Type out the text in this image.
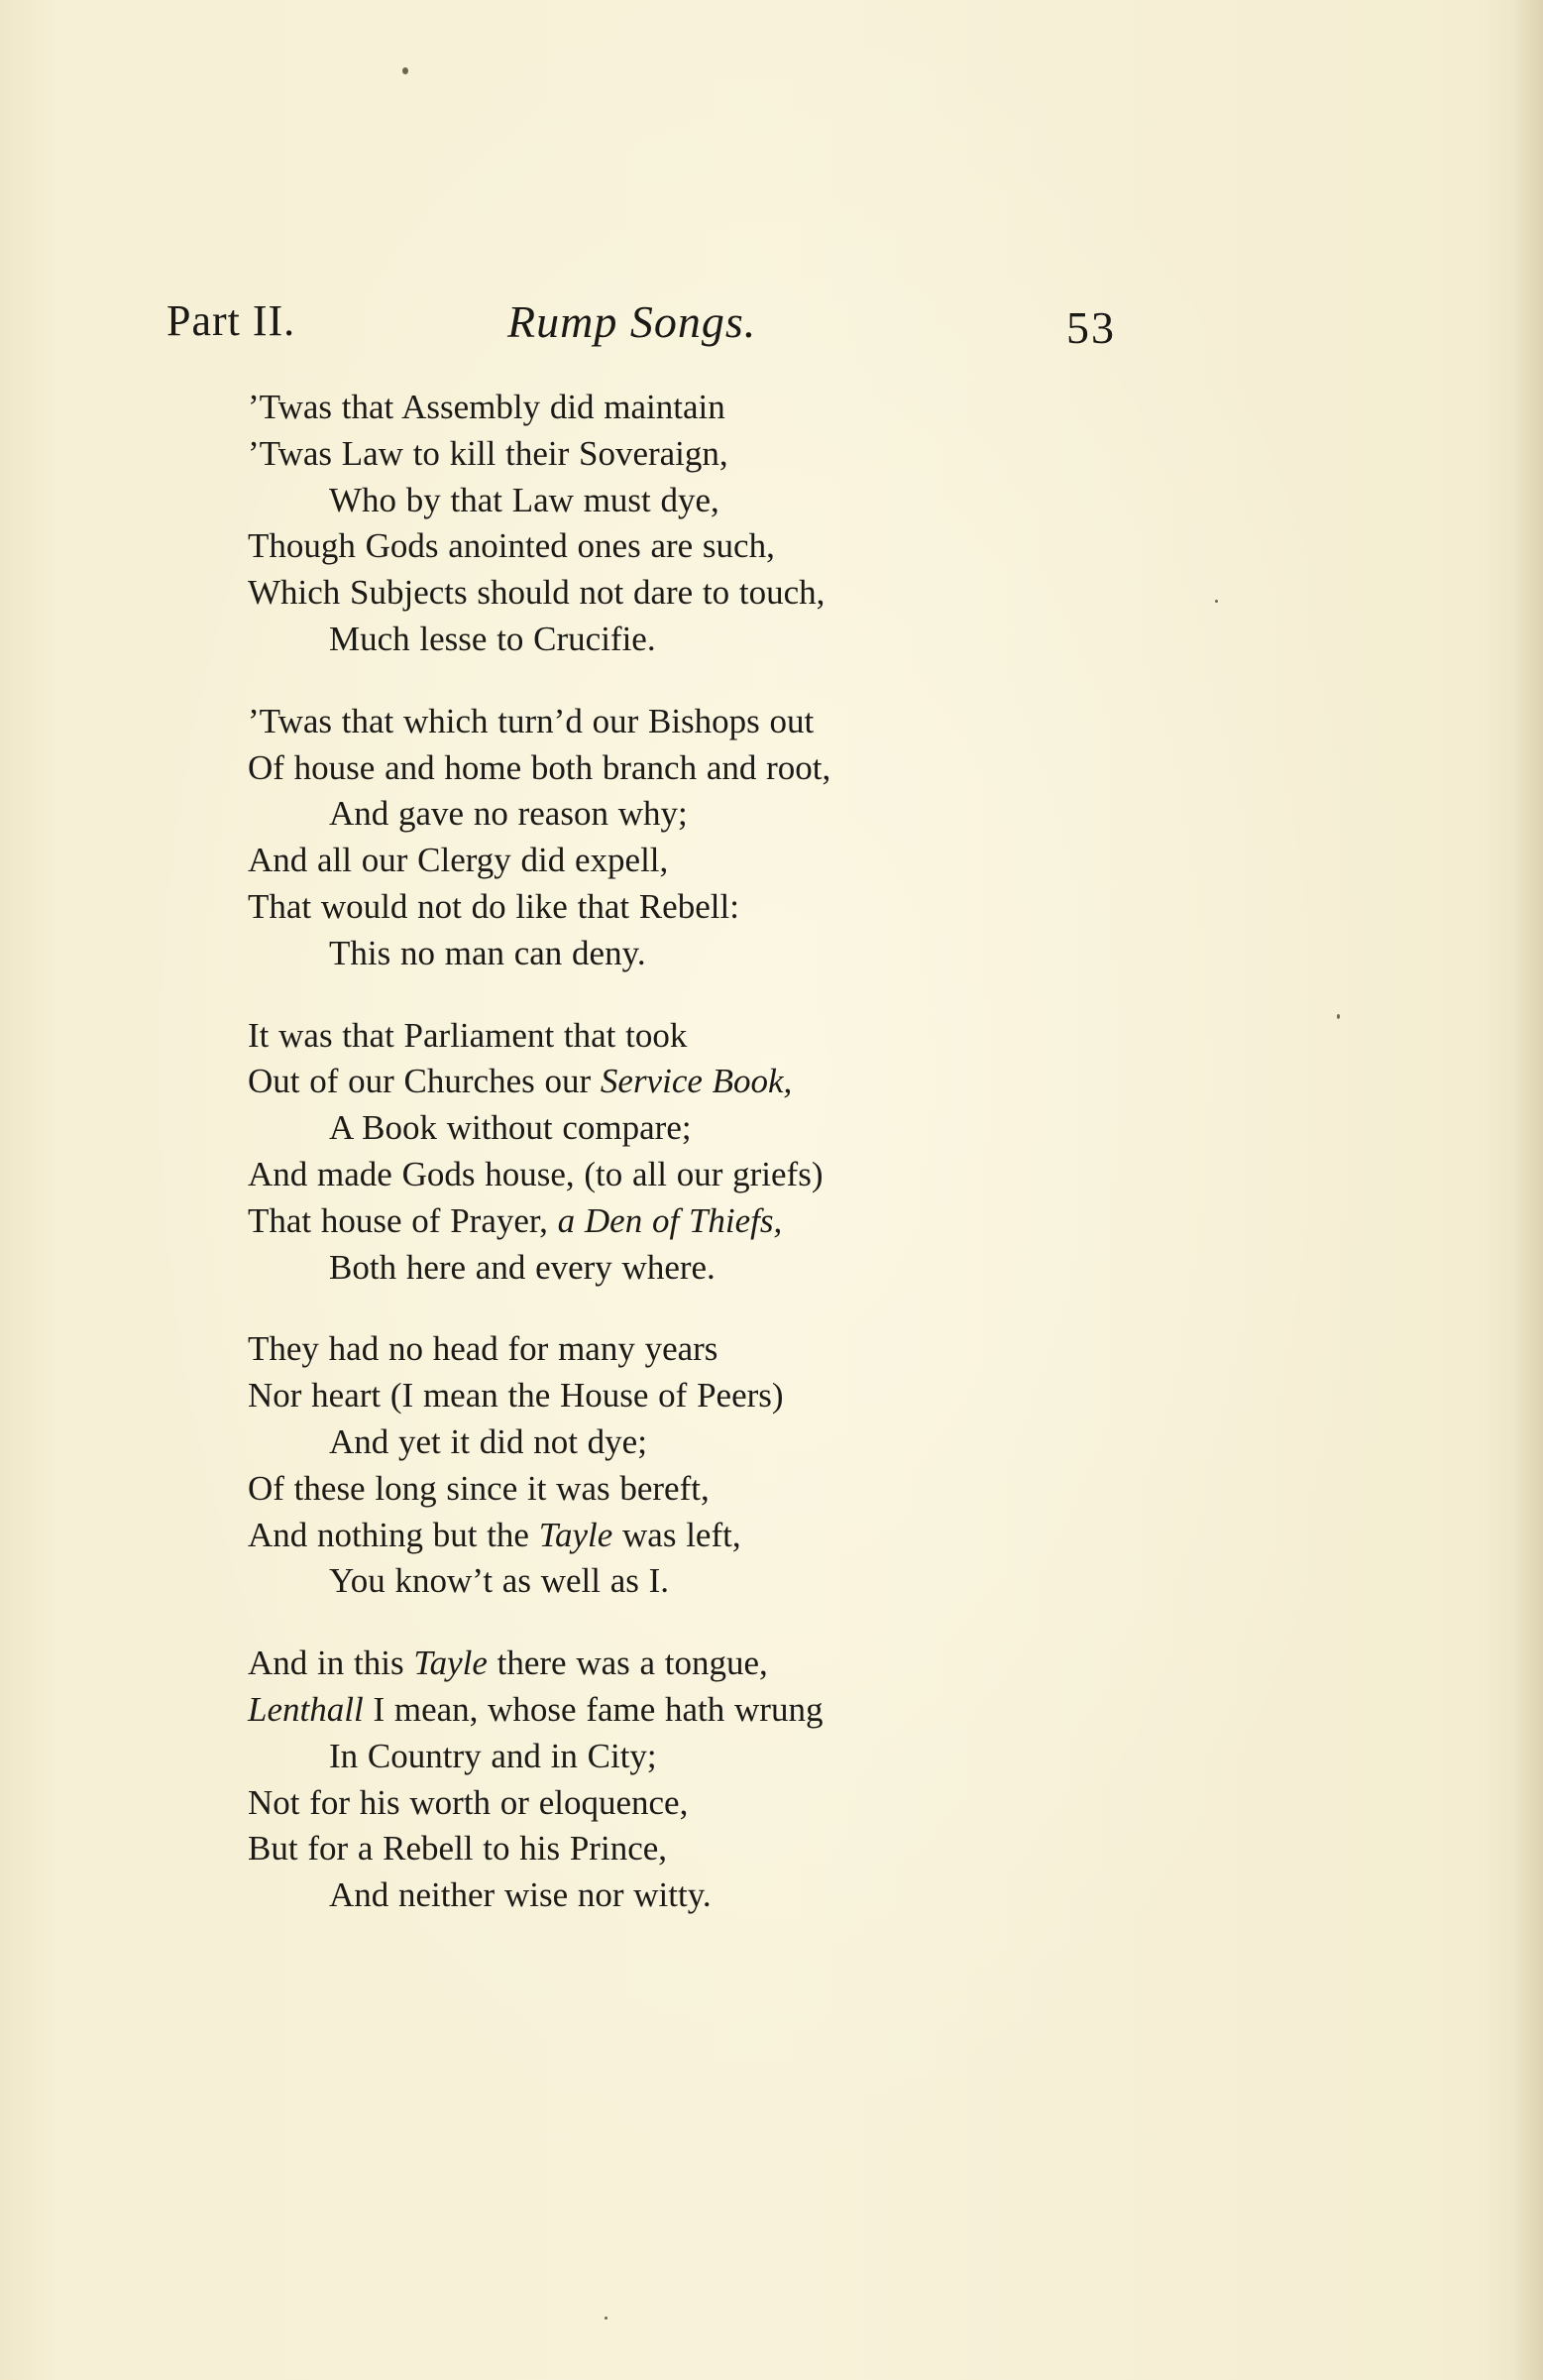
Part II.	Rump Songs.	53
’Twas that Assembly did maintain
’Twas Law to kill their Soveraign,
Who by that Law must dye,
Though Gods anointed ones are such,
Which Subjects should not dare to touch,
Much lesse to Crucifie.
’Twas that which turn’d our Bishops out
Of house and home both branch and root,
And gave no reason why;
And all our Clergy did expell,
That would not do like that Rebell:
This no man can deny.
It was that Parliament that took
Out of our Churches our Service Book,
A Book without compare;
And made Gods house, (to all our griefs)
That house of Prayer, a Den of Thiefs,
Both here and every where.
They had no head for many years
Nor heart (I mean the House of Peers)
And yet it did not dye;
Of these long since it was bereft,
And nothing but the Tayle was left,
You know’t as well as I.
And in this Tayle there was a tongue,
Lenthall I mean, whose fame hath wrung
In Country and in City;
Not for his worth or eloquence,
But for a Rebell to his Prince,
And neither wise nor witty.
